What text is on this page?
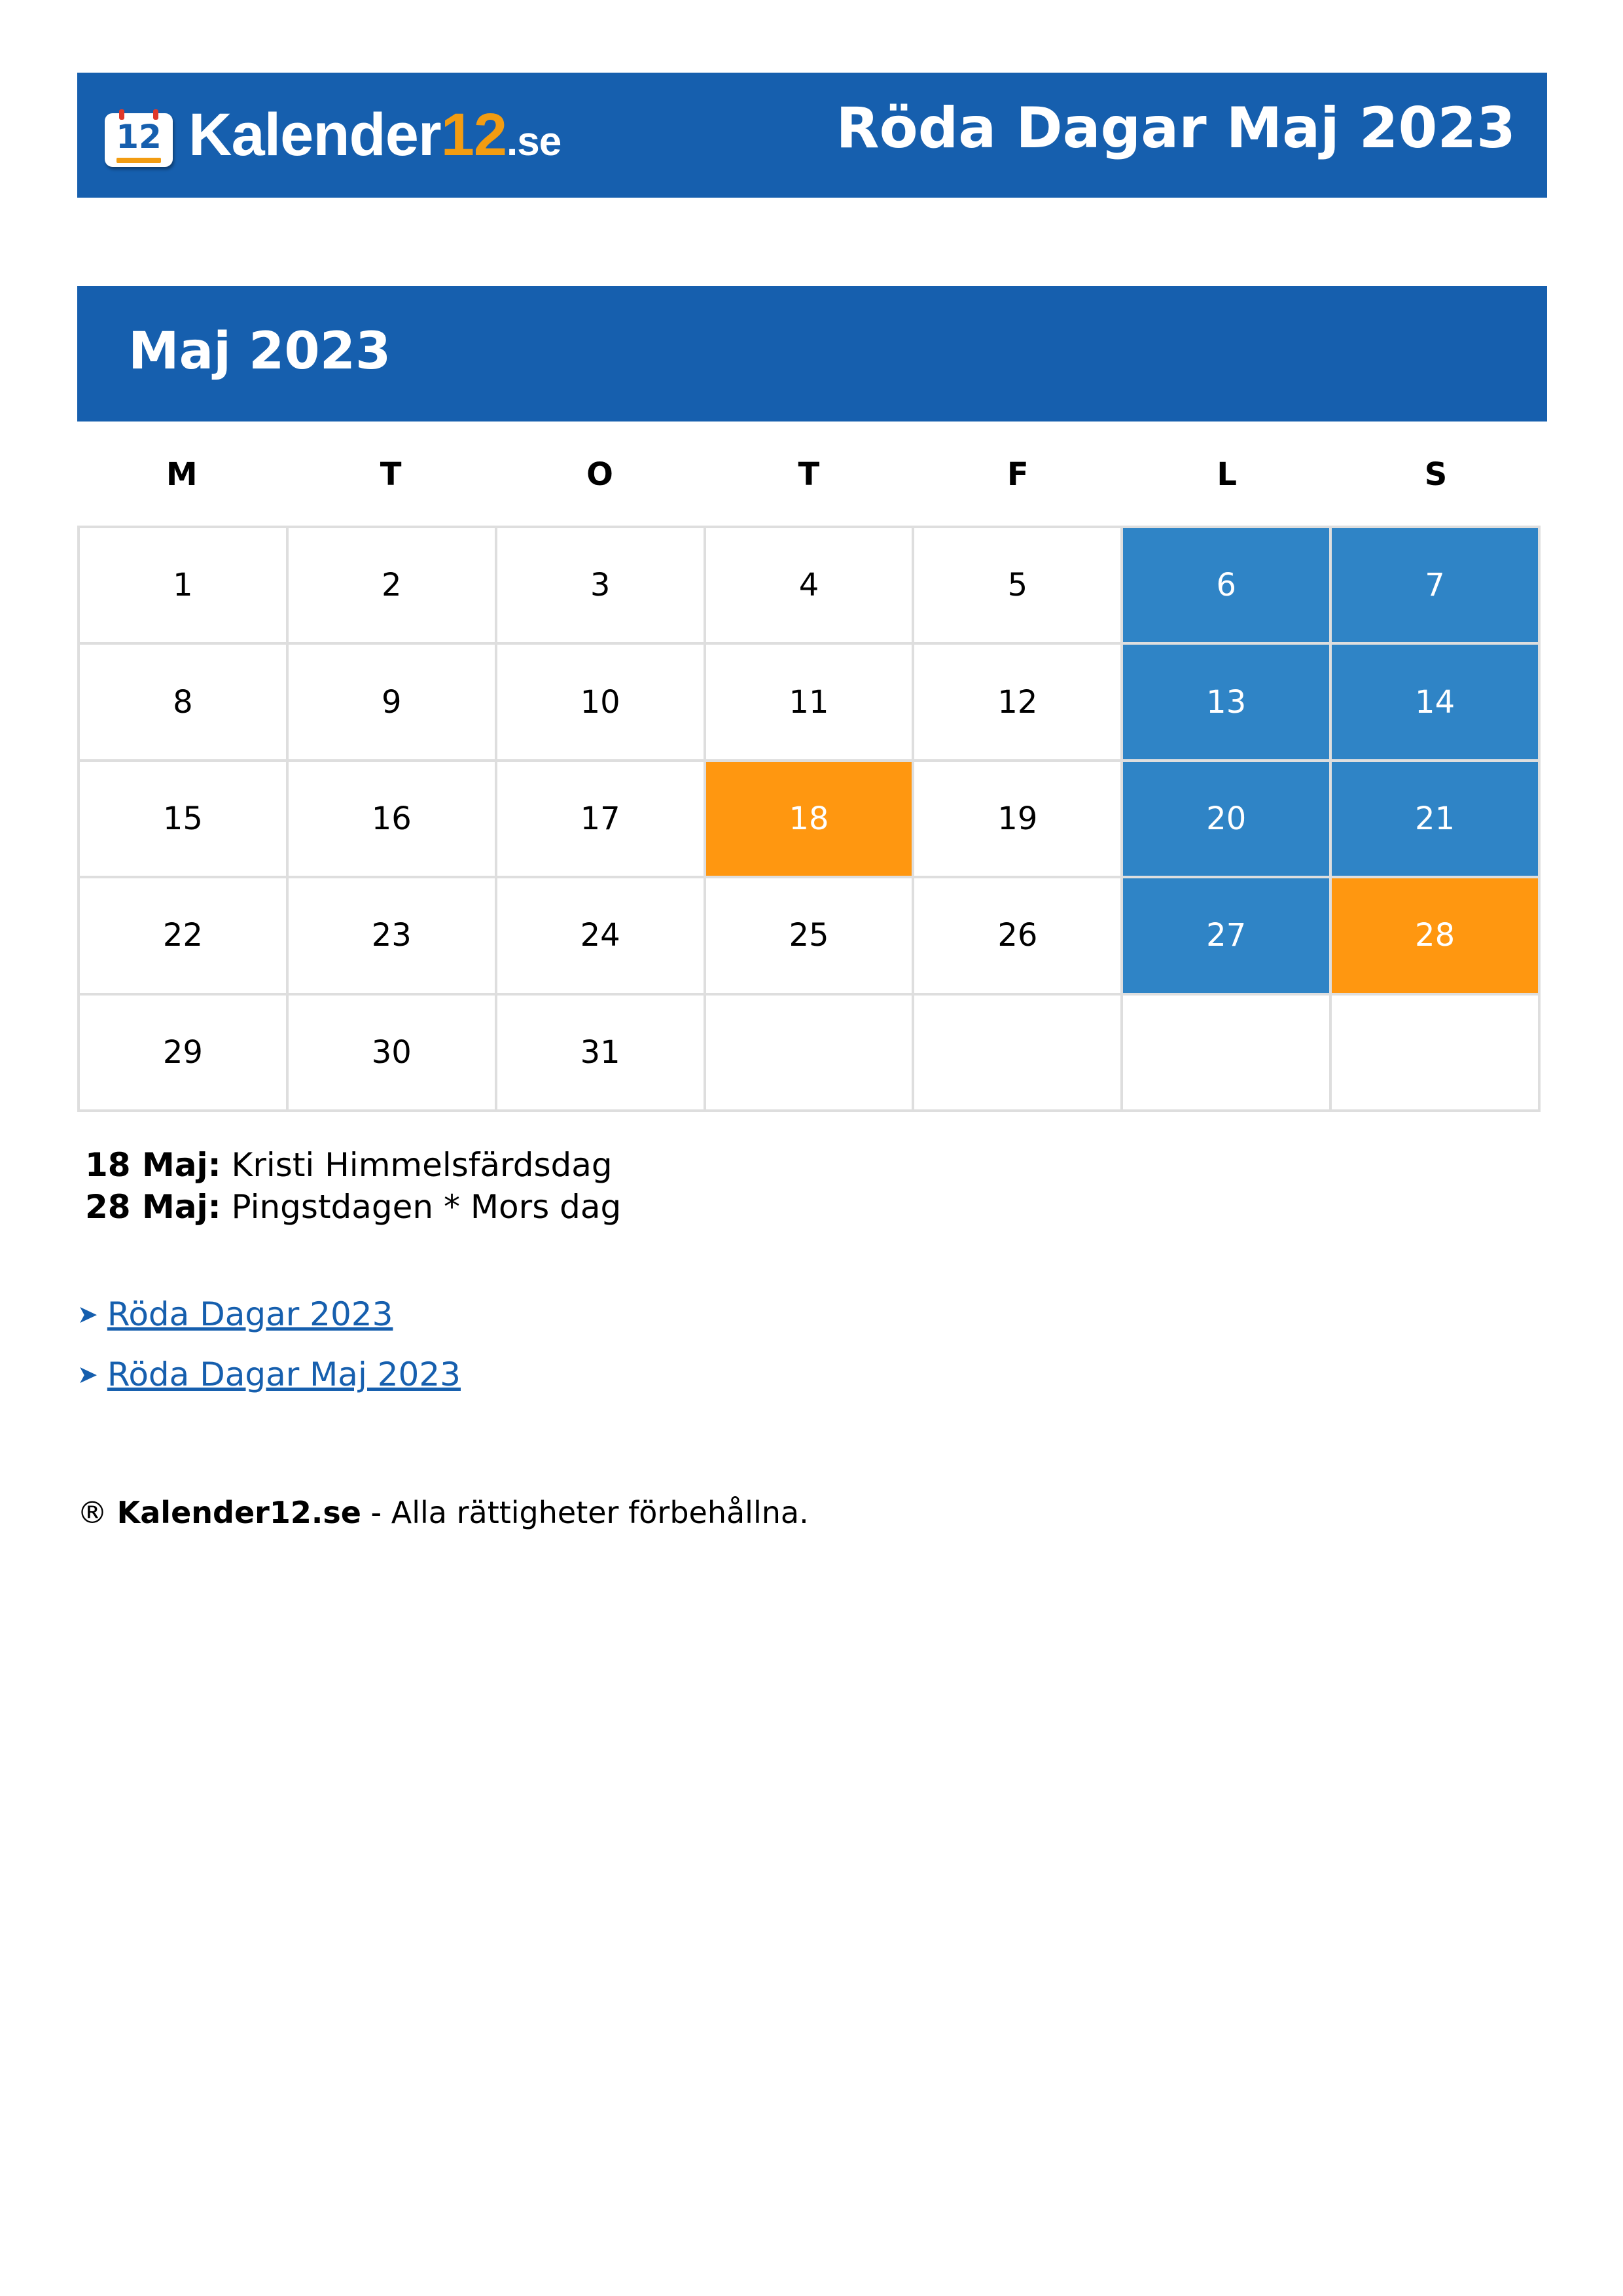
12 Kalender12.se	Röda Dagar Maj 2023
Maj 2023
M	T	O	T	F	L	S
1	2	3	4	5	6	7
8	9	10	11	12	13	14
15	16	17	18	19	20	21
22	23	24	25	26	27	28
29	30	31
18 Maj: Kristi Himmelsfärdsdag
28 Maj: Pingstdagen * Mors dag
➤ Röda Dagar 2023
➤ Röda Dagar Maj 2023
® Kalender12.se - Alla rättigheter förbehållna.
